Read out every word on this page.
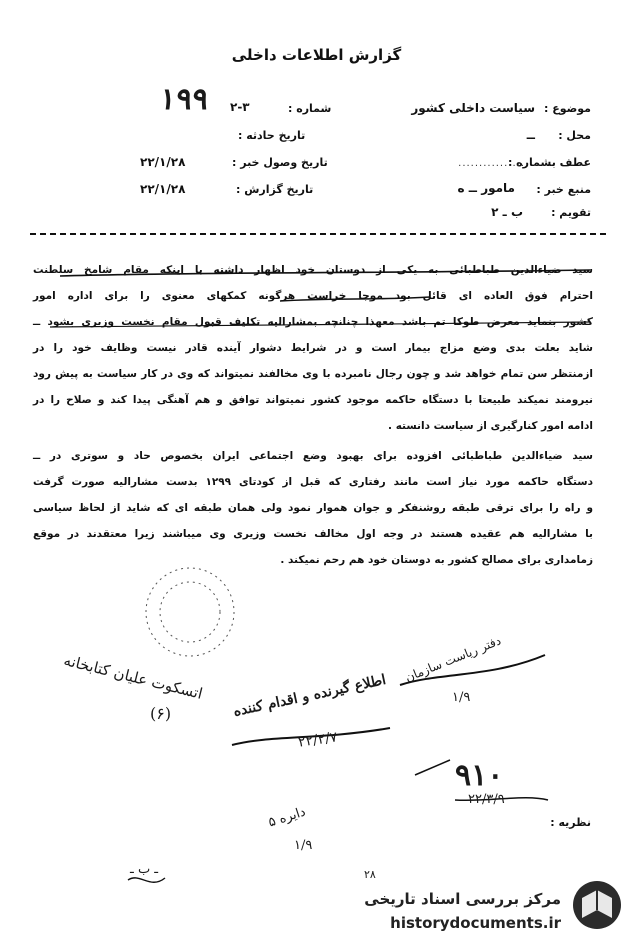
گزارش اطلاعات داخلی
موضوع :
سیاست داخلی کشور
محل :
ــ
عطف بشماره :
................
منبع خبر :
مامور ــ ه
تقویم :
ب ـ ۲
شماره :
۲-۳
۱۹۹
تاریخ حادثه :
تاریخ وصول خبر :
۲۲/۱/۲۸
تاریخ گزارش :
۲۲/۱/۲۸
سید ضیاءالدین طباطبائی به یکی از دوستان خود اظهار داشته با اینکه مقام شامخ سلطنت
احترام فوق العاده ای قائل بود موجا خراست هرگونه کمکهای معنوی را برای اداره امور
کشور بنماید معرض طوکا تم باشد معهذا چنانچه بمشارالیه تکلیف قبول مقام نخست وزیری بشود ــ
شاید بعلت بدی وضع مزاج بیمار است و در شرایط دشوار آینده قادر نیست وظایف خود را در
ازمنتظر سن تمام خواهد شد و چون رجال نامبرده با وی مخالفند نمیتواند که وی در کار سیاست به پیش رود
نیرومند نمیکند طبیعتا با دستگاه حاکمه موجود کشور نمیتواند توافق و هم آهنگی پیدا کند و صلاح را در
ادامه امور کنارگیری از سیاست دانسته .
سید ضیاءالدین طباطبائی افزوده برای بهبود وضع اجتماعی ایران بخصوص حاد و سوتری در ــ
دستگاه حاکمه مورد نیاز است مانند رفتاری که قبل از کودتای ۱۲۹۹ بدست مشارالیه صورت گرفت
و راه را برای ترقی طبقه روشنفکر و جوان هموار نمود ولی همان طبقه ای که شاید از لحاظ سیاسی
با مشارالیه هم عقیده هستند در وجه اول مخالف نخست وزیری وی میباشند زیرا معتقدند در موقع
زمامداری برای مصالح کشور به دوستان خود هم رحم نمیکند .
اتسکوت علیان کتابخانه
(۶)	اطلاع گیرنده و اقدام کننده
۲۲/۲/۷
دفتر ریاست سازمان
۱/۹
۹۱۰
۲۲/۳/۹
نظریه :
دایره ۵
۱/۹
ـ ب ـ	۲۸
مرکز بررسی اسناد تاریخی
historydocuments.ir
